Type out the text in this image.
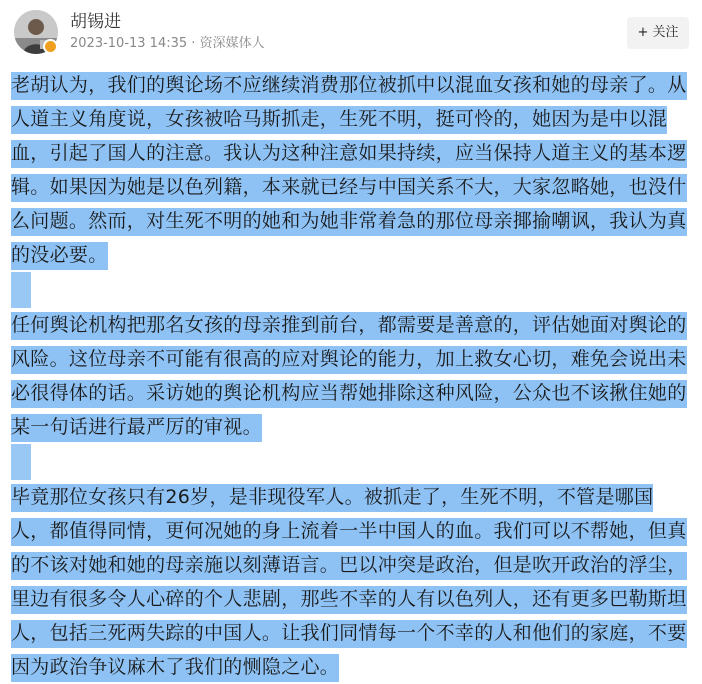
胡锡进
2023-10-13 14:35 · 资深媒体人
+ 关注

老胡认为，我们的舆论场不应继续消费那位被抓中以混血女孩和她的母亲了。从人道主义角度说，女孩被哈马斯抓走，生死不明，挺可怜的，她因为是中以混血，引起了国人的注意。我认为这种注意如果持续，应当保持人道主义的基本逻辑。如果因为她是以色列籍，本来就已经与中国关系不大，大家忽略她，也没什么问题。然而，对生死不明的她和为她非常着急的那位母亲揶揄嘲讽，我认为真的没必要。

任何舆论机构把那名女孩的母亲推到前台，都需要是善意的，评估她面对舆论的风险。这位母亲不可能有很高的应对舆论的能力，加上救女心切，难免会说出未必很得体的话。采访她的舆论机构应当帮她排除这种风险，公众也不该揪住她的某一句话进行最严厉的审视。

毕竟那位女孩只有26岁，是非现役军人。被抓走了，生死不明，不管是哪国人，都值得同情，更何况她的身上流着一半中国人的血。我们可以不帮她，但真的不该对她和她的母亲施以刻薄语言。巴以冲突是政治，但是吹开政治的浮尘，里边有很多令人心碎的个人悲剧，那些不幸的人有以色列人，还有更多巴勒斯坦人，包括三死两失踪的中国人。让我们同情每一个不幸的人和他们的家庭，不要因为政治争议麻木了我们的恻隐之心。
